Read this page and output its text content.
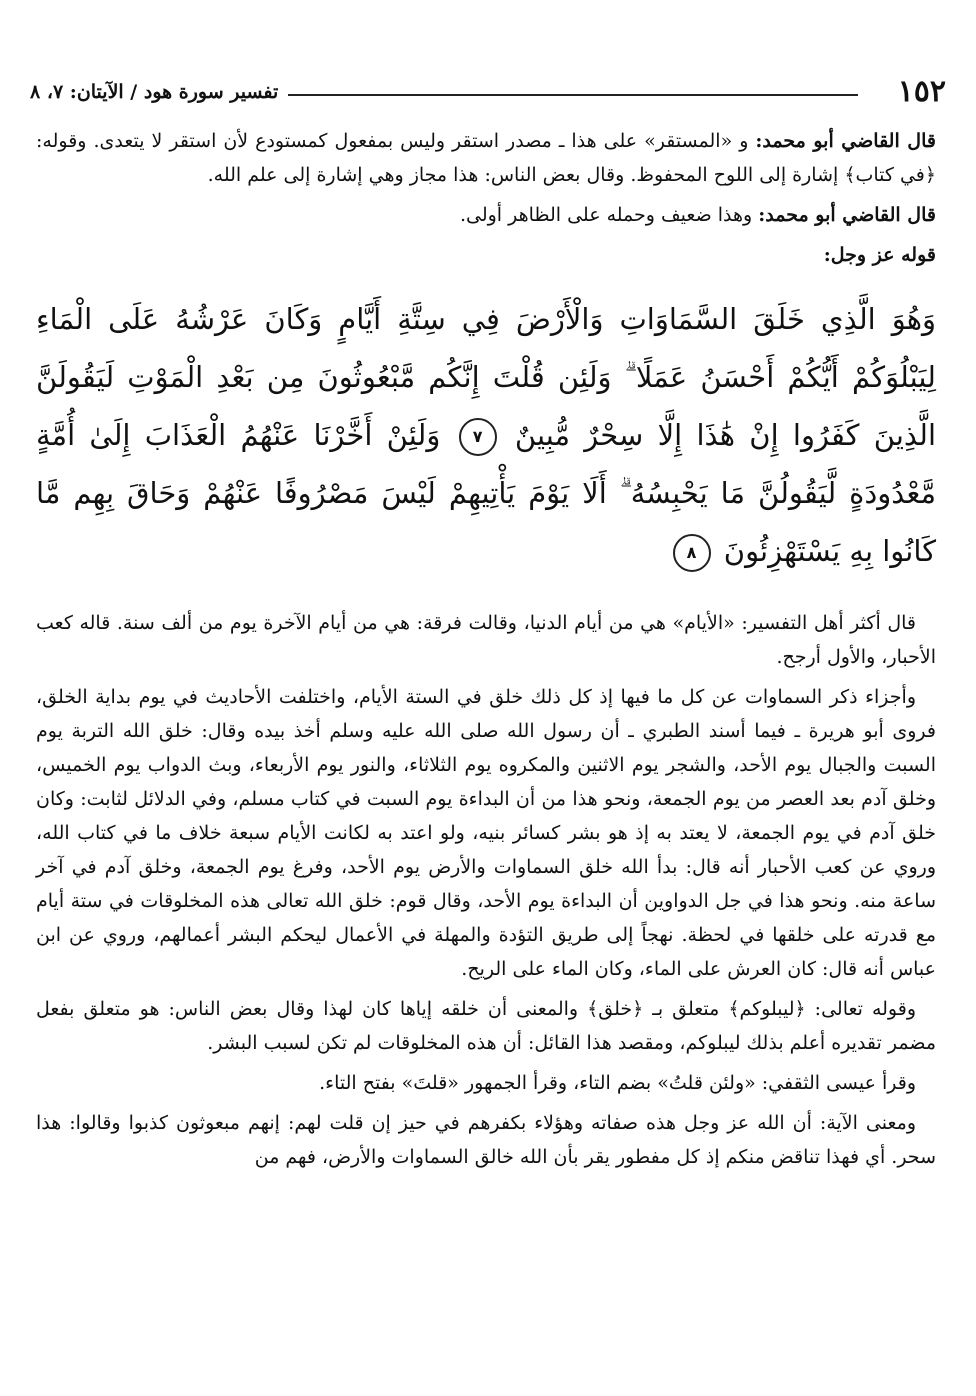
١٥٢
تفسير سورة هود / الآيتان: ٧، ٨

قال القاضي أبو محمد: و «المستقر» على هذا ـ مصدر استقر وليس بمفعول كمستودع لأن استقر لا يتعدى. وقوله: ﴿في كتاب﴾ إشارة إلى اللوح المحفوظ. وقال بعض الناس: هذا مجاز وهي إشارة إلى علم الله.

قال القاضي أبو محمد: وهذا ضعيف وحمله على الظاهر أولى.

قوله عز وجل:

وَهُوَ الَّذِي خَلَقَ السَّمَاوَاتِ وَالْأَرْضَ فِي سِتَّةِ أَيَّامٍ وَكَانَ عَرْشُهُ عَلَى الْمَاءِ لِيَبْلُوَكُمْ أَيُّكُمْ أَحْسَنُ عَمَلًا ۗ وَلَئِن قُلْتَ إِنَّكُم مَّبْعُوثُونَ مِن بَعْدِ الْمَوْتِ لَيَقُولَنَّ الَّذِينَ كَفَرُوا إِنْ هَٰذَا إِلَّا سِحْرٌ مُّبِينٌ ٧ وَلَئِنْ أَخَّرْنَا عَنْهُمُ الْعَذَابَ إِلَىٰ أُمَّةٍ مَّعْدُودَةٍ لَّيَقُولُنَّ مَا يَحْبِسُهُ ۗ أَلَا يَوْمَ يَأْتِيهِمْ لَيْسَ مَصْرُوفًا عَنْهُمْ وَحَاقَ بِهِم مَّا كَانُوا بِهِ يَسْتَهْزِئُونَ ٨

قال أكثر أهل التفسير: «الأيام» هي من أيام الدنيا، وقالت فرقة: هي من أيام الآخرة يوم من ألف سنة. قاله كعب الأحبار، والأول أرجح.

وأجزاء ذكر السماوات عن كل ما فيها إذ كل ذلك خلق في الستة الأيام، واختلفت الأحاديث في يوم بداية الخلق، فروى أبو هريرة ـ فيما أسند الطبري ـ أن رسول الله صلى الله عليه وسلم أخذ بيده وقال: خلق الله التربة يوم السبت والجبال يوم الأحد، والشجر يوم الاثنين والمكروه يوم الثلاثاء، والنور يوم الأربعاء، وبث الدواب يوم الخميس، وخلق آدم بعد العصر من يوم الجمعة، ونحو هذا من أن البداءة يوم السبت في كتاب مسلم، وفي الدلائل لثابت: وكان خلق آدم في يوم الجمعة، لا يعتد به إذ هو بشر كسائر بنيه، ولو اعتد به لكانت الأيام سبعة خلاف ما في كتاب الله، وروي عن كعب الأحبار أنه قال: بدأ الله خلق السماوات والأرض يوم الأحد، وفرغ يوم الجمعة، وخلق آدم في آخر ساعة منه. ونحو هذا في جل الدواوين أن البداءة يوم الأحد، وقال قوم: خلق الله تعالى هذه المخلوقات في ستة أيام مع قدرته على خلقها في لحظة. نهجاً إلى طريق التؤدة والمهلة في الأعمال ليحكم البشر أعمالهم، وروي عن ابن عباس أنه قال: كان العرش على الماء، وكان الماء على الريح.

وقوله تعالى: ﴿ليبلوكم﴾ متعلق بـ ﴿خلق﴾ والمعنى أن خلقه إياها كان لهذا وقال بعض الناس: هو متعلق بفعل مضمر تقديره أعلم بذلك ليبلوكم، ومقصد هذا القائل: أن هذه المخلوقات لم تكن لسبب البشر.

وقرأ عيسى الثقفي: «ولئن قلتُ» بضم التاء، وقرأ الجمهور «قلتَ» بفتح التاء.

ومعنى الآية: أن الله عز وجل هذه صفاته وهؤلاء بكفرهم في حيز إن قلت لهم: إنهم مبعوثون كذبوا وقالوا: هذا سحر. أي فهذا تناقض منكم إذ كل مفطور يقر بأن الله خالق السماوات والأرض، فهم من
